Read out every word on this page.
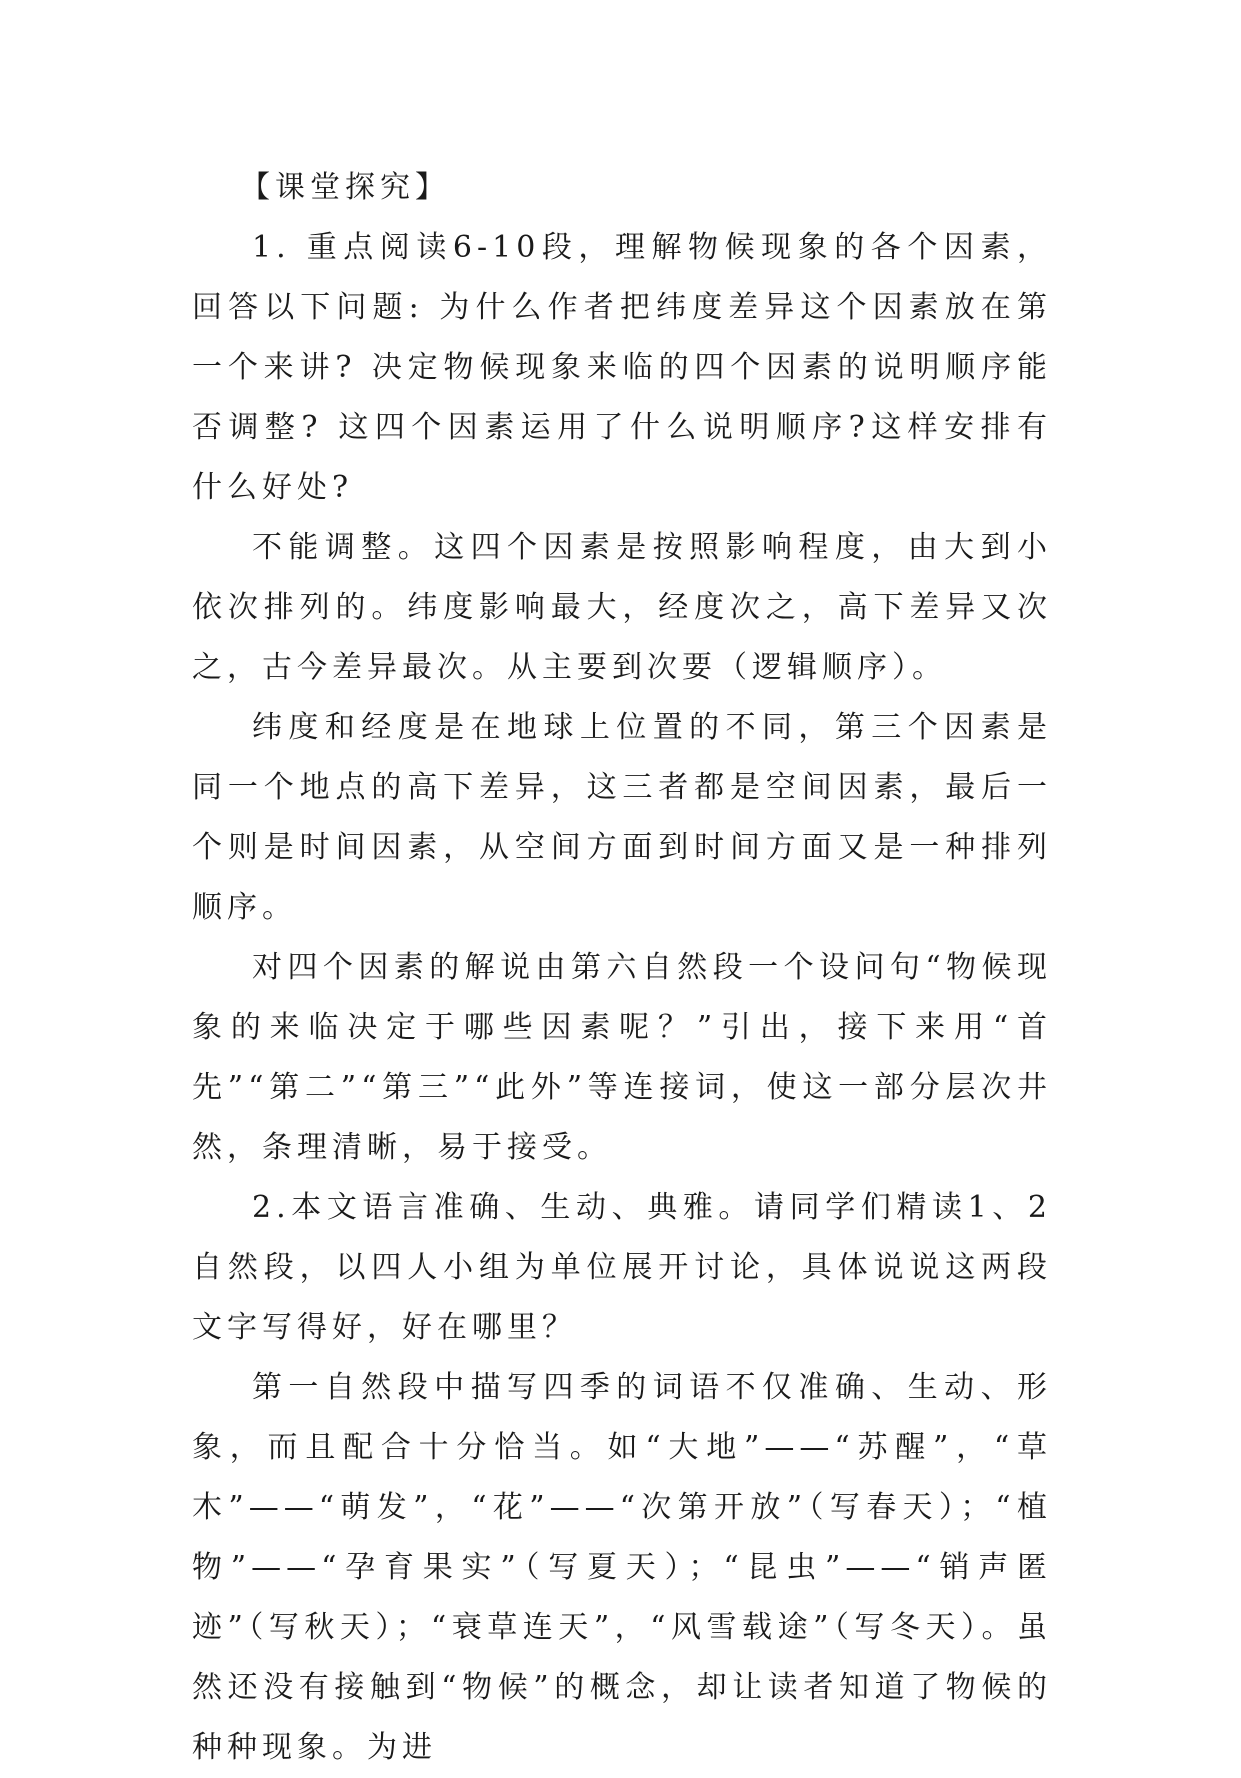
【课堂探究】

1. 重点阅读6-10段，理解物候现象的各个因素，回答以下问题: 为什么作者把纬度差异这个因素放在第一个来讲? 决定物候现象来临的四个因素的说明顺序能否调整? 这四个因素运用了什么说明顺序?这样安排有什么好处?

不能调整。这四个因素是按照影响程度，由大到小依次排列的。纬度影响最大，经度次之，高下差异又次之，古今差异最次。从主要到次要（逻辑顺序）。

纬度和经度是在地球上位置的不同，第三个因素是同一个地点的高下差异，这三者都是空间因素，最后一个则是时间因素，从空间方面到时间方面又是一种排列顺序。

对四个因素的解说由第六自然段一个设问句“物候现象的来临决定于哪些因素呢？”引出，接下来用“首先”“第二”“第三”“此外”等连接词，使这一部分层次井然，条理清晰，易于接受。

2.本文语言准确、生动、典雅。请同学们精读1、2自然段，以四人小组为单位展开讨论，具体说说这两段文字写得好，好在哪里？

第一自然段中描写四季的词语不仅准确、生动、形象，而且配合十分恰当。如“大地”——“苏醒”，“草木”——“萌发”，“花”——“次第开放”（写春天）；“植物”——“孕育果实”（写夏天）；“昆虫”——“销声匿迹”（写秋天）；“衰草连天”，“风雪载途”（写冬天）。虽然还没有接触到“物候”的概念，却让读者知道了物候的种种现象。为进
